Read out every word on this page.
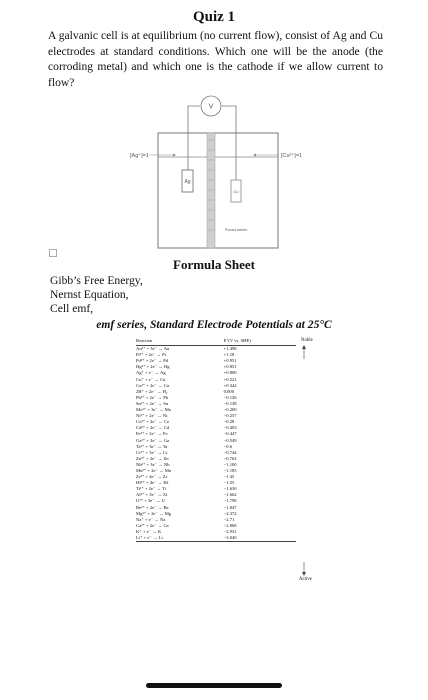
Quiz 1

A galvanic cell is at equilibrium (no current flow), consist of Ag and Cu electrodes at standard conditions. Which one will be the anode (the corroding metal) and which one is the cathode if we allow current to flow?

V
Ag
Cu
[Ag⁺]=1	[Cu²⁺]=1
Porous barrier
Formula Sheet
Gibb’s Free Energy,
Nernst Equation,
Cell emf,
emf series, Standard Electrode Potentials at 25°C
Reaction	E°(V vs. SHE)
Au³⁺ + 3e⁻ → Au	+1.498
Pt²⁺ + 2e⁻ → Pt	+1.18
Pd²⁺ + 2e⁻ → Pd	+0.951
Hg²⁺ + 2e⁻ → Hg	+0.851
Ag⁺ + e⁻ → Ag	+0.800
Cu⁺ + e⁻ → Cu	+0.521
Cu²⁺ + 2e⁻ → Cu	+0.342
2H⁺ + 2e⁻ → H₂	0.000
Pb²⁺ + 2e⁻ → Pb	−0.126
Sn²⁺ + 2e⁻ → Sn	−0.138
Mo³⁺ + 3e⁻ → Mo	−0.200
Ni²⁺ + 2e⁻ → Ni	−0.257
Co²⁺ + 2e⁻ → Co	−0.28
Cd²⁺ + 2e⁻ → Cd	−0.403
Fe²⁺ + 2e⁻ → Fe	−0.447
Ga³⁺ + 3e⁻ → Ga	−0.549
Ta³⁺ + 3e⁻ → Ta	−0.6
Cr³⁺ + 3e⁻ → Cr	−0.744
Zn²⁺ + 2e⁻ → Zn	−0.762
Nb³⁺ + 3e⁻ → Nb	−1.100
Mn²⁺ + 2e⁻ → Mn	−1.185
Zr⁴⁺ + 4e⁻ → Zr	−1.45
Hf⁴⁺ + 4e⁻ → Hf	−1.55
Ti²⁺ + 2e⁻ → Ti	−1.630
Al³⁺ + 3e⁻ → Al	−1.662
U³⁺ + 3e⁻ → U	−1.798
Be²⁺ + 2e⁻ → Be	−1.847
Mg²⁺ + 2e⁻ → Mg	−2.372
Na⁺ + e⁻ → Na	−2.71
Ca²⁺ + 2e⁻ → Ca	−2.868
K⁺ + e⁻ → K	−2.931
Li⁺ + e⁻ → Li	−3.040
Noble
Active
